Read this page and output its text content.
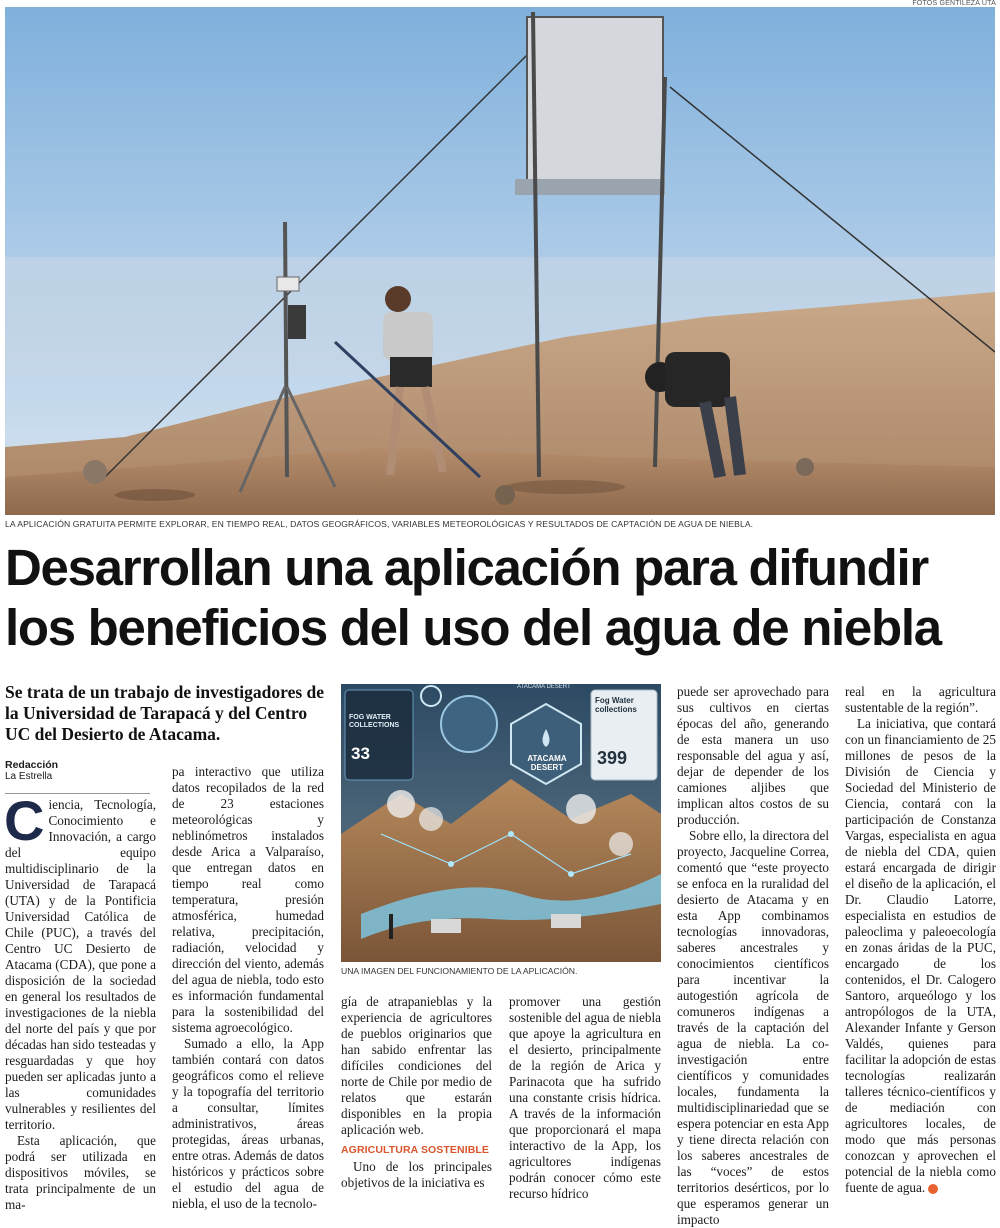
FOTOS GENTILEZA UTA
LA APLICACIÓN GRATUITA PERMITE EXPLORAR, EN TIEMPO REAL, DATOS GEOGRÁFICOS, VARIABLES METEOROLÓGICAS Y RESULTADOS DE CAPTACIÓN DE AGUA DE NIEBLA.
Desarrollan una aplicación para difundir los beneficios del uso del agua de niebla
Se trata de un trabajo de investigadores de la Universidad de Tarapacá y del Centro UC del Desierto de Atacama.
Redacción
La Estrella

Ciencia, Tecnología, Conocimiento e Innovación, a cargo del equipo multidisciplinario de la Universidad de Tarapacá (UTA) y de la Pontificia Universidad Católica de Chile (PUC), a través del Centro UC Desierto de Atacama (CDA), que pone a disposición de la sociedad en general los resultados de investigaciones de la niebla del norte del país y que por décadas han sido testeadas y resguardadas y que hoy pueden ser aplicadas junto a las comunidades vulnerables y resilientes del territorio.

Esta aplicación, que podrá ser utilizada en dispositivos móviles, se trata principalmente de un ma-

pa interactivo que utiliza datos recopilados de la red de 23 estaciones meteorológicas y neblinómetros instalados desde Arica a Valparaíso, que entregan datos en tiempo real como temperatura, presión atmosférica, humedad relativa, precipitación, radiación, velocidad y dirección del viento, además del agua de niebla, todo esto es información fundamental para la sostenibilidad del sistema agroecológico.

Sumado a ello, la App también contará con datos geográficos como el relieve y la topografía del territorio a consultar, límites administrativos, áreas protegidas, áreas urbanas, entre otras. Además de datos históricos y prácticos sobre el estudio del agua de niebla, el uso de la tecnolo-

FOG WATER COLLECTIONS
33	ATACAMA DESERT
Fog Water collections
399
ATACAMA DESERT
UNA IMAGEN DEL FUNCIONAMIENTO DE LA APLICACIÓN.

gía de atrapanieblas y la experiencia de agricultores de pueblos originarios que han sabido enfrentar las difíciles condiciones del norte de Chile por medio de relatos que estarán disponibles en la propia aplicación web.

AGRICULTURA SOSTENIBLE

Uno de los principales objetivos de la iniciativa es

promover una gestión sostenible del agua de niebla que apoye la agricultura en el desierto, principalmente de la región de Arica y Parinacota que ha sufrido una constante crisis hídrica. A través de la información que proporcionará el mapa interactivo de la App, los agricultores indígenas podrán conocer cómo este recurso hídrico

puede ser aprovechado para sus cultivos en ciertas épocas del año, generando de esta manera un uso responsable del agua y así, dejar de depender de los camiones aljibes que implican altos costos de su producción.

Sobre ello, la directora del proyecto, Jacqueline Correa, comentó que “este proyecto se enfoca en la ruralidad del desierto de Atacama y en esta App combinamos tecnologías innovadoras, saberes ancestrales y conocimientos científicos para incentivar la autogestión agrícola de comuneros indígenas a través de la captación del agua de niebla. La co-investigación entre científicos y comunidades locales, fundamenta la multidisciplinariedad que se espera potenciar en esta App y tiene directa relación con los saberes ancestrales de las “voces” de estos territorios desérticos, por lo que esperamos generar un impacto

real en la agricultura sustentable de la región”.

La iniciativa, que contará con un financiamiento de 25 millones de pesos de la División de Ciencia y Sociedad del Ministerio de Ciencia, contará con la participación de Constanza Vargas, especialista en agua de niebla del CDA, quien estará encargada de dirigir el diseño de la aplicación, el Dr. Claudio Latorre, especialista en estudios de paleoclima y paleoecología en zonas áridas de la PUC, encargado de los contenidos, el Dr. Calogero Santoro, arqueólogo y los antropólogos de la UTA, Alexander Infante y Gerson Valdés, quienes para facilitar la adopción de estas tecnologías realizarán talleres técnico-científicos y de mediación con agricultores locales, de modo que más personas conozcan y aprovechen el potencial de la niebla como fuente de agua.
